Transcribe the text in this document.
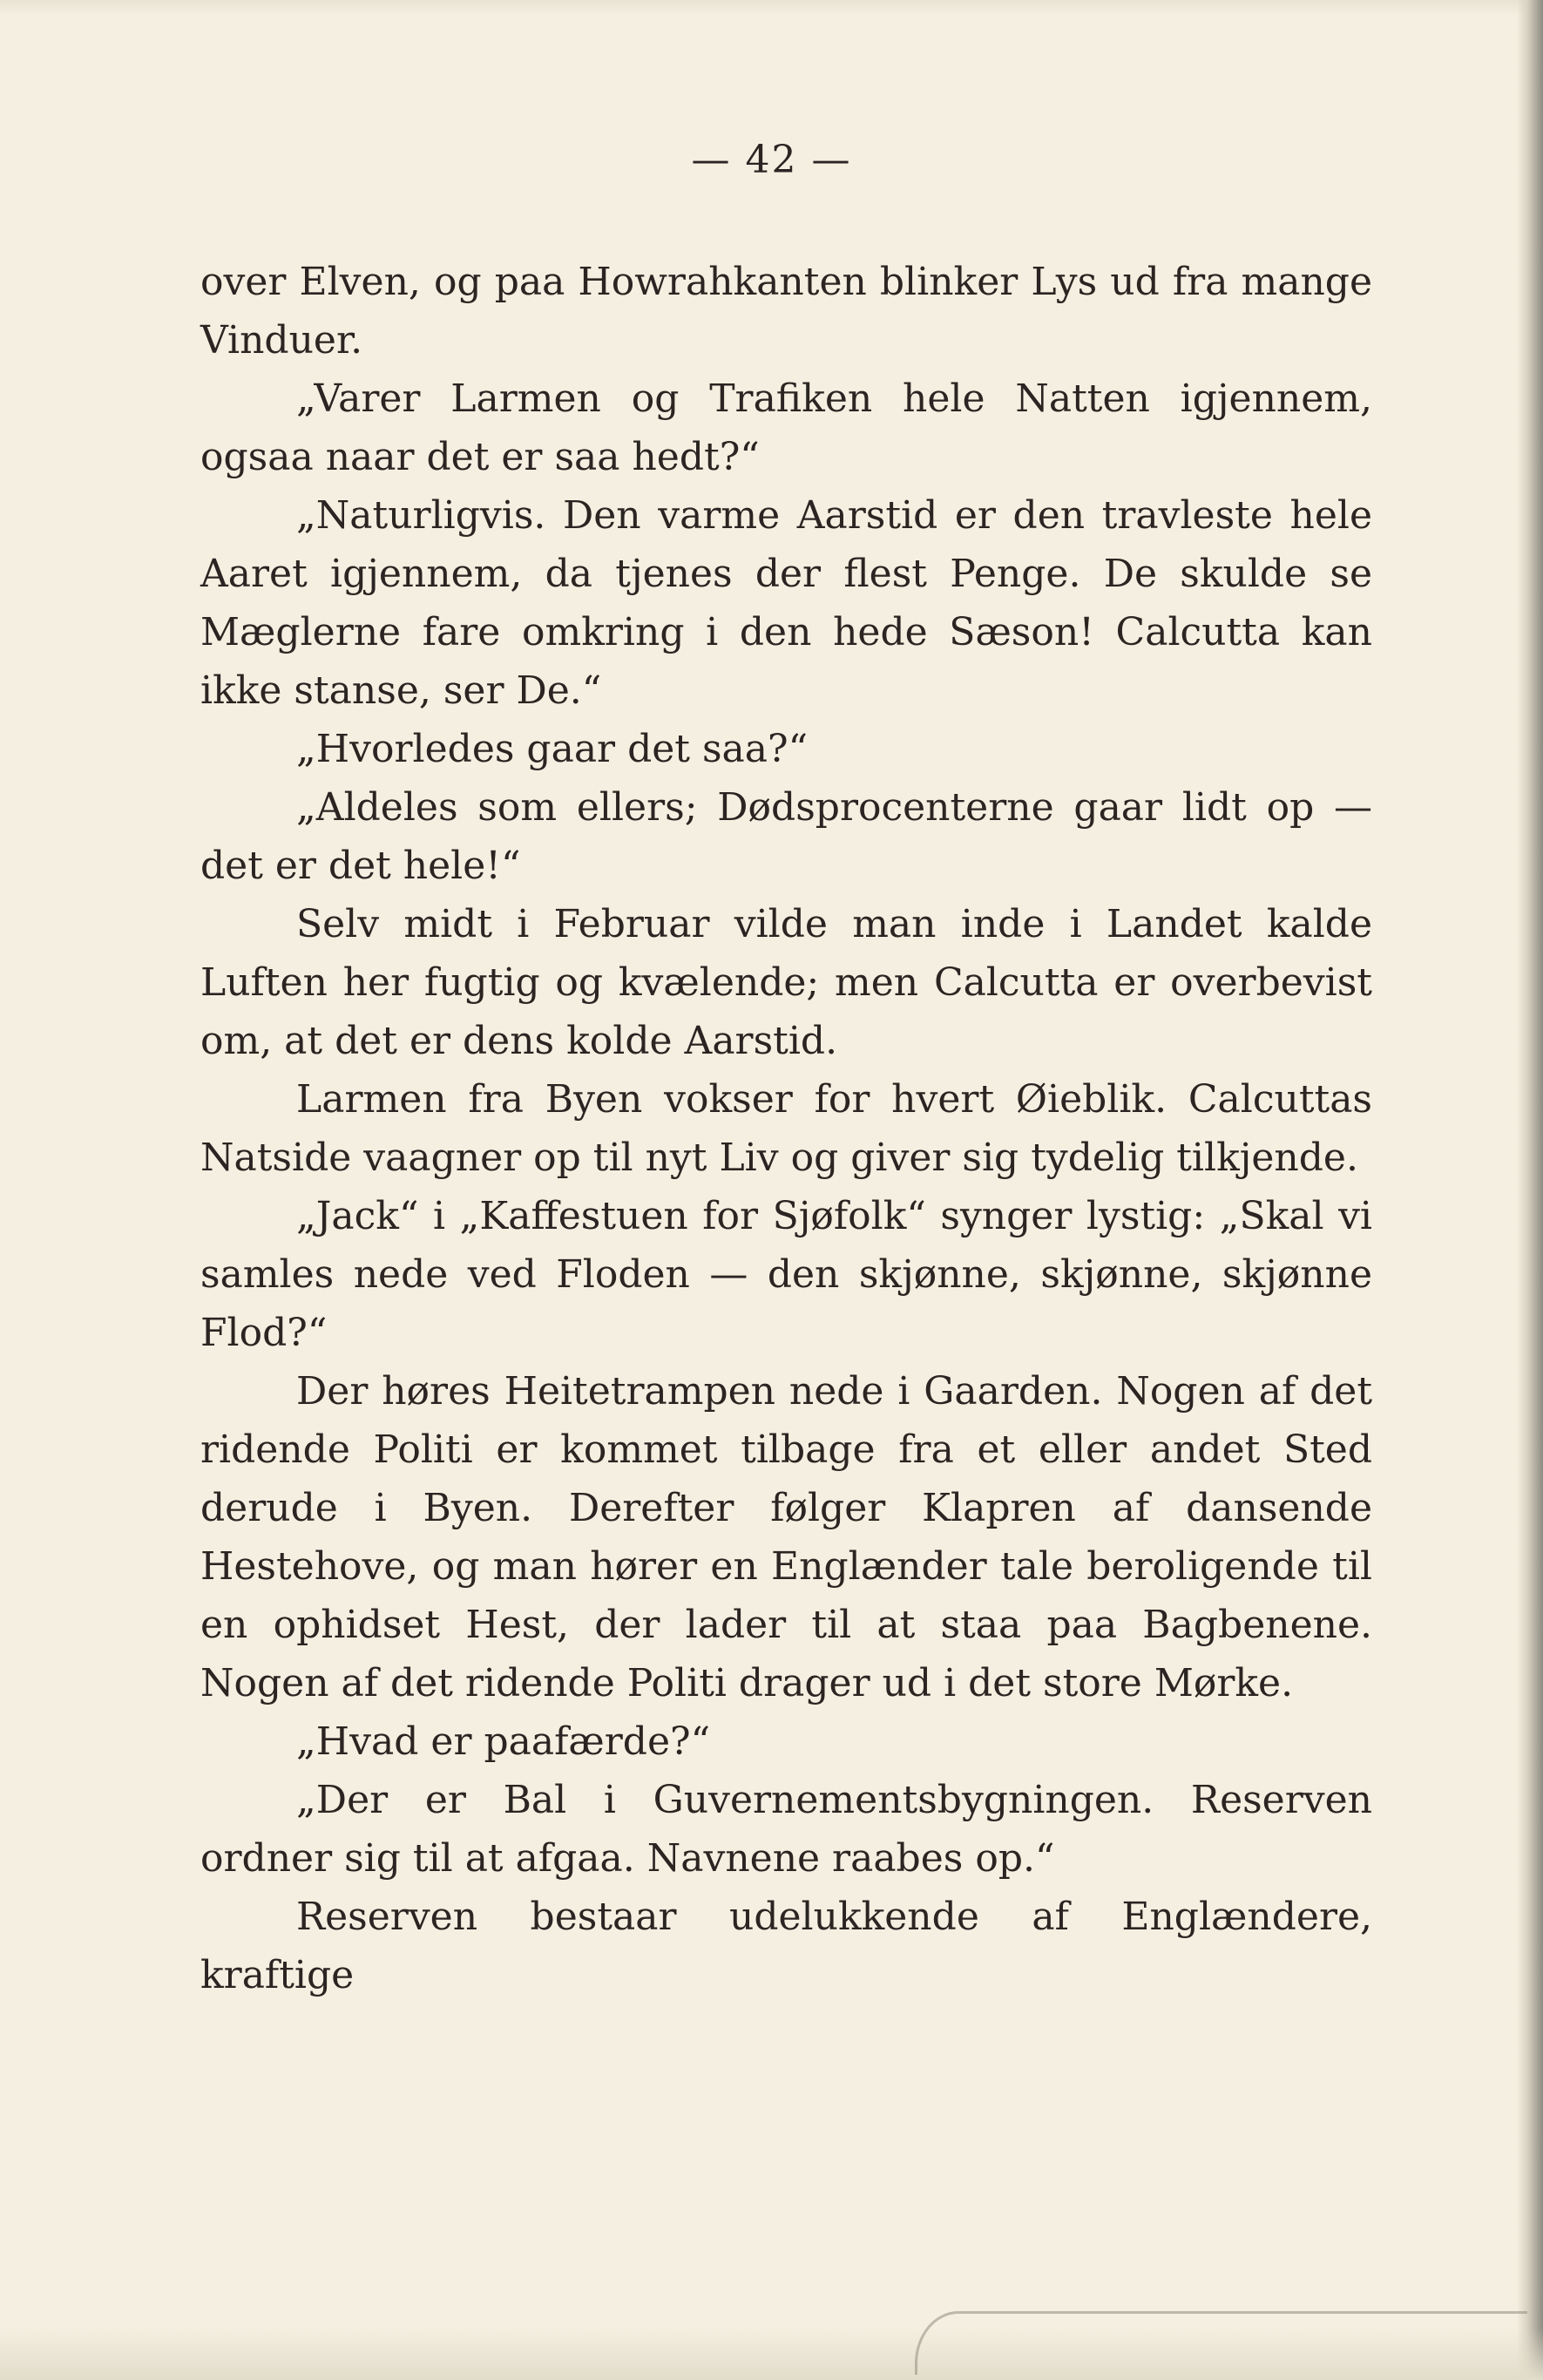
— 42 —

over Elven, og paa Howrahkanten blinker Lys ud fra mange Vinduer.

„Varer Larmen og Trafiken hele Natten igjennem, ogsaa naar det er saa hedt?“

„Naturligvis. Den varme Aarstid er den travleste hele Aaret igjennem, da tjenes der flest Penge. De skulde se Mæglerne fare omkring i den hede Sæson! Calcutta kan ikke stanse, ser De.“

„Hvorledes gaar det saa?“

„Aldeles som ellers; Dødsprocenterne gaar lidt op — det er det hele!“

Selv midt i Februar vilde man inde i Landet kalde Luften her fugtig og kvælende; men Calcutta er overbevist om, at det er dens kolde Aarstid.

Larmen fra Byen vokser for hvert Øieblik. Calcuttas Natside vaagner op til nyt Liv og giver sig tydelig tilkjende.

„Jack“ i „Kaffestuen for Sjøfolk“ synger lystig: „Skal vi samles nede ved Floden — den skjønne, skjønne, skjønne Flod?“

Der høres Heitetrampen nede i Gaarden. Nogen af det ridende Politi er kommet tilbage fra et eller andet Sted derude i Byen. Derefter følger Klapren af dansende Hestehove, og man hører en Englænder tale beroligende til en ophidset Hest, der lader til at staa paa Bagbenene. Nogen af det ridende Politi drager ud i det store Mørke.

„Hvad er paafærde?“

„Der er Bal i Guvernementsbygningen. Reserven ordner sig til at afgaa. Navnene raabes op.“

Reserven bestaar udelukkende af Englændere, kraftige
